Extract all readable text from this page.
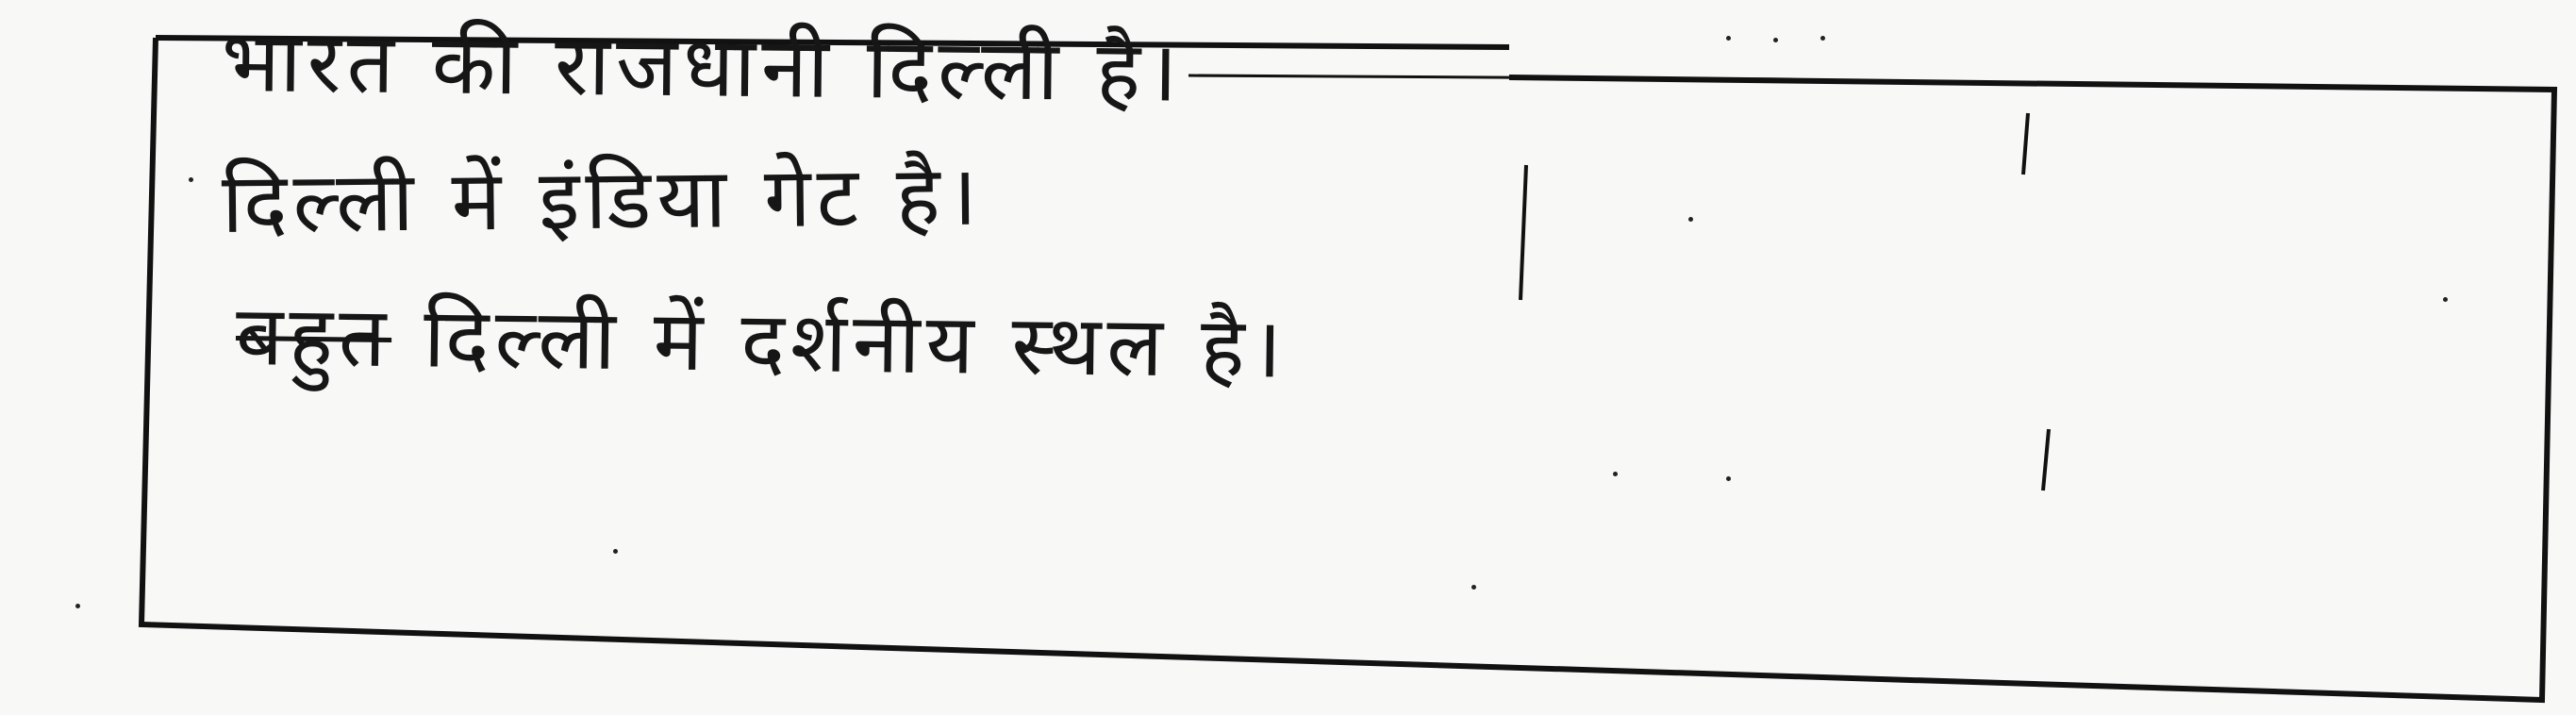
भारत की राजधानी दिल्ली है।
दिल्ली में इंडिया गेट है।
बहुत दिल्ली में दर्शनीय स्थल है।
